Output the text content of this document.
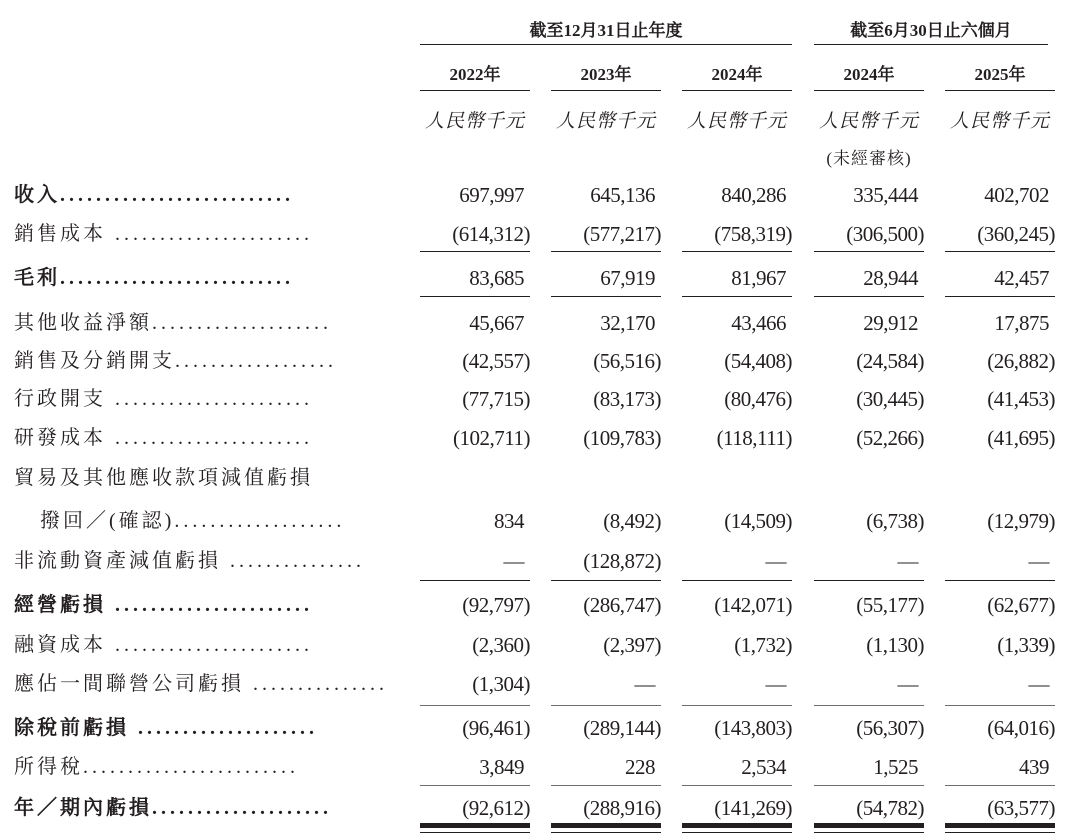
截至12月31日止年度	截至6月30日止六個月
2022年	2023年	2024年	2024年	2025年
人民幣千元 人民幣千元 人民幣千元 人民幣千元 人民幣千元
(未經審核)
收入..........................	697,997	645,136	840,286	335,444	402,702
銷售成本 ......................	(614,312)	(577,217)	(758,319)	(306,500)	(360,245)
毛利..........................	83,685	67,919	81,967	28,944	42,457
其他收益淨額....................	45,667	32,170	43,466	29,912	17,875
銷售及分銷開支..................	(42,557)	(56,516)	(54,408)	(24,584)	(26,882)
行政開支 ......................	(77,715)	(83,173)	(80,476)	(30,445)	(41,453)
研發成本 ......................	(102,711)	(109,783)	(118,111)	(52,266)	(41,695)
貿易及其他應收款項減值虧損
撥回／(確認)...................	834	(8,492)	(14,509)	(6,738)	(12,979)
非流動資產減值虧損 ...............	—	(128,872)	—	—	—
經營虧損 ......................	(92,797)	(286,747)	(142,071)	(55,177)	(62,677)
融資成本 ......................	(2,360)	(2,397)	(1,732)	(1,130)	(1,339)
應佔一間聯營公司虧損 ...............	(1,304)	—	—	—	—
除稅前虧損 ....................	(96,461)	(289,144)	(143,803)	(56,307)	(64,016)
所得稅........................	3,849	228	2,534	1,525	439
年／期內虧損....................	(92,612)	(288,916)	(141,269)	(54,782)	(63,577)
